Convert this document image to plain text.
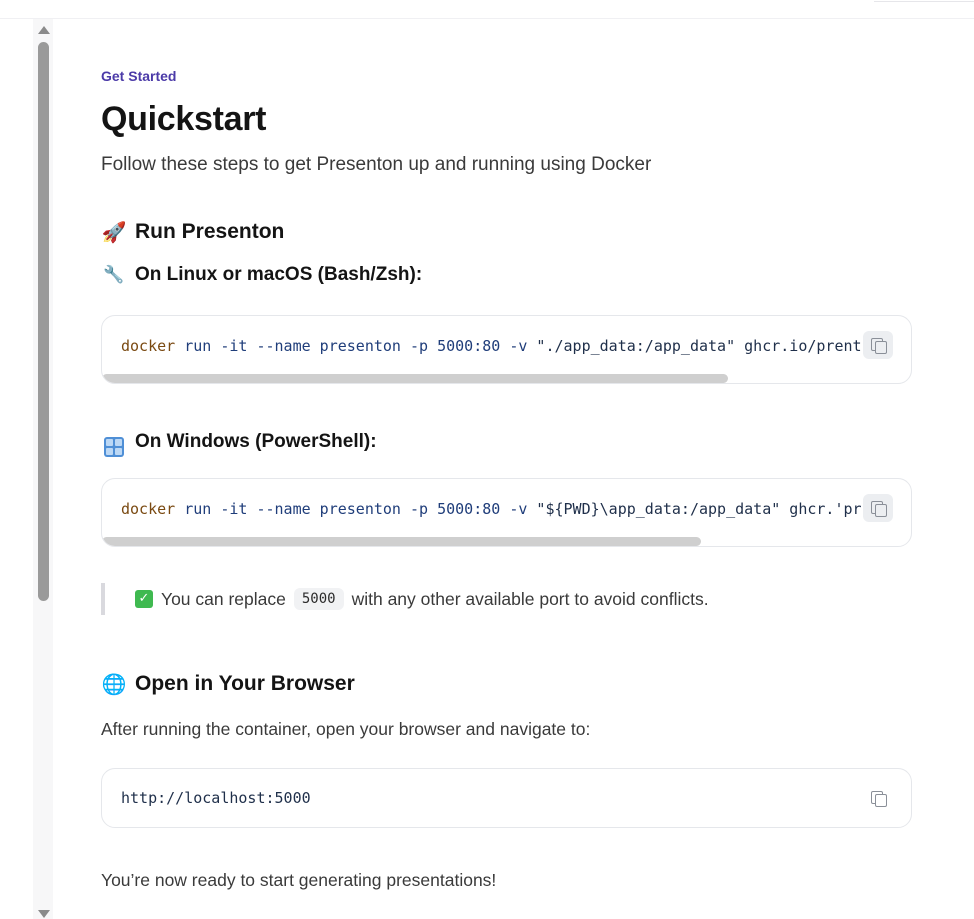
Get Started
Quickstart
Follow these steps to get Presenton up and running using Docker
🚀 Run Presenton
🔧 On Linux or macOS (Bash/Zsh):
docker run -it --name presenton -p 5000:80 -v "./app_data:/app_data" ghcr.io/prent
On Windows (PowerShell):
docker run -it --name presenton -p 5000:80 -v "${PWD}\app_data:/app_data" ghcr.'pr
✓ You can replace	5000 with any other available port to avoid conflicts.
🌐 Open in Your Browser
After running the container, open your browser and navigate to:
http://localhost:5000
You’re now ready to start generating presentations!
